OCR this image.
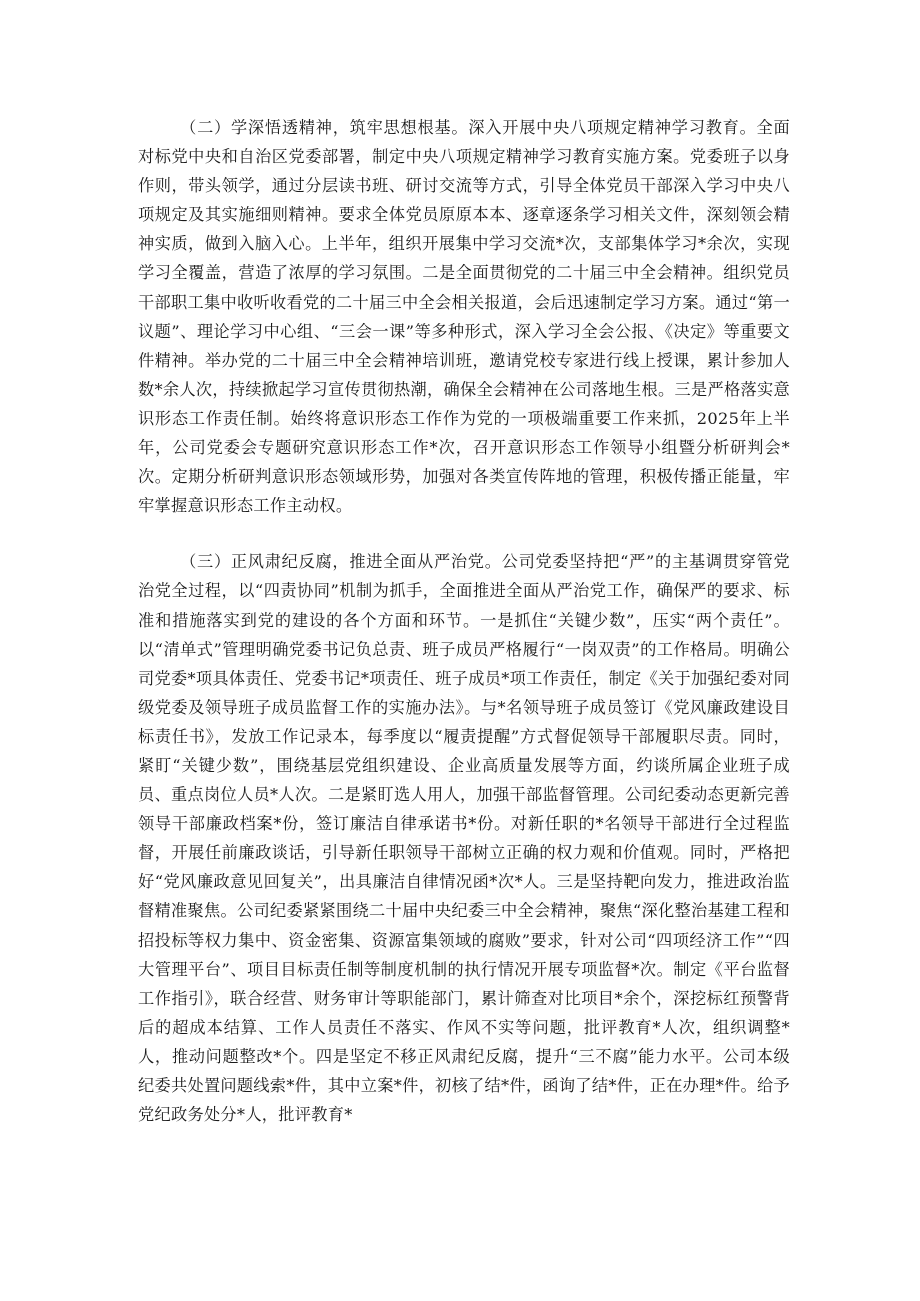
（二）学深悟透精神，筑牢思想根基。深入开展中央八项规定精神学习教育。全面对标党中央和自治区党委部署，制定中央八项规定精神学习教育实施方案。党委班子以身作则，带头领学，通过分层读书班、研讨交流等方式，引导全体党员干部深入学习中央八项规定及其实施细则精神。要求全体党员原原本本、逐章逐条学习相关文件，深刻领会精神实质，做到入脑入心。上半年，组织开展集中学习交流*次，支部集体学习*余次，实现学习全覆盖，营造了浓厚的学习氛围。二是全面贯彻党的二十届三中全会精神。组织党员干部职工集中收听收看党的二十届三中全会相关报道，会后迅速制定学习方案。通过“第一议题”、理论学习中心组、“三会一课”等多种形式，深入学习全会公报、《决定》等重要文件精神。举办党的二十届三中全会精神培训班，邀请党校专家进行线上授课，累计参加人数*余人次，持续掀起学习宣传贯彻热潮，确保全会精神在公司落地生根。三是严格落实意识形态工作责任制。始终将意识形态工作作为党的一项极端重要工作来抓，2025年上半年，公司党委会专题研究意识形态工作*次，召开意识形态工作领导小组暨分析研判会*次。定期分析研判意识形态领域形势，加强对各类宣传阵地的管理，积极传播正能量，牢牢掌握意识形态工作主动权。

（三）正风肃纪反腐，推进全面从严治党。公司党委坚持把“严”的主基调贯穿管党治党全过程，以“四责协同”机制为抓手，全面推进全面从严治党工作，确保严的要求、标准和措施落实到党的建设的各个方面和环节。一是抓住“关键少数”，压实“两个责任”。以“清单式”管理明确党委书记负总责、班子成员严格履行“一岗双责”的工作格局。明确公司党委*项具体责任、党委书记*项责任、班子成员*项工作责任，制定《关于加强纪委对同级党委及领导班子成员监督工作的实施办法》。与*名领导班子成员签订《党风廉政建设目标责任书》，发放工作记录本，每季度以“履责提醒”方式督促领导干部履职尽责。同时，紧盯“关键少数”，围绕基层党组织建设、企业高质量发展等方面，约谈所属企业班子成员、重点岗位人员*人次。二是紧盯选人用人，加强干部监督管理。公司纪委动态更新完善领导干部廉政档案*份，签订廉洁自律承诺书*份。对新任职的*名领导干部进行全过程监督，开展任前廉政谈话，引导新任职领导干部树立正确的权力观和价值观。同时，严格把好“党风廉政意见回复关”，出具廉洁自律情况函*次*人。三是坚持靶向发力，推进政治监督精准聚焦。公司纪委紧紧围绕二十届中央纪委三中全会精神，聚焦“深化整治基建工程和招投标等权力集中、资金密集、资源富集领域的腐败”要求，针对公司“四项经济工作”“四大管理平台”、项目目标责任制等制度机制的执行情况开展专项监督*次。制定《平台监督工作指引》，联合经营、财务审计等职能部门，累计筛查对比项目*余个，深挖标红预警背后的超成本结算、工作人员责任不落实、作风不实等问题，批评教育*人次，组织调整*人，推动问题整改*个。四是坚定不移正风肃纪反腐，提升“三不腐”能力水平。公司本级纪委共处置问题线索*件，其中立案*件，初核了结*件，函询了结*件，正在办理*件。给予党纪政务处分*人，批评教育*
